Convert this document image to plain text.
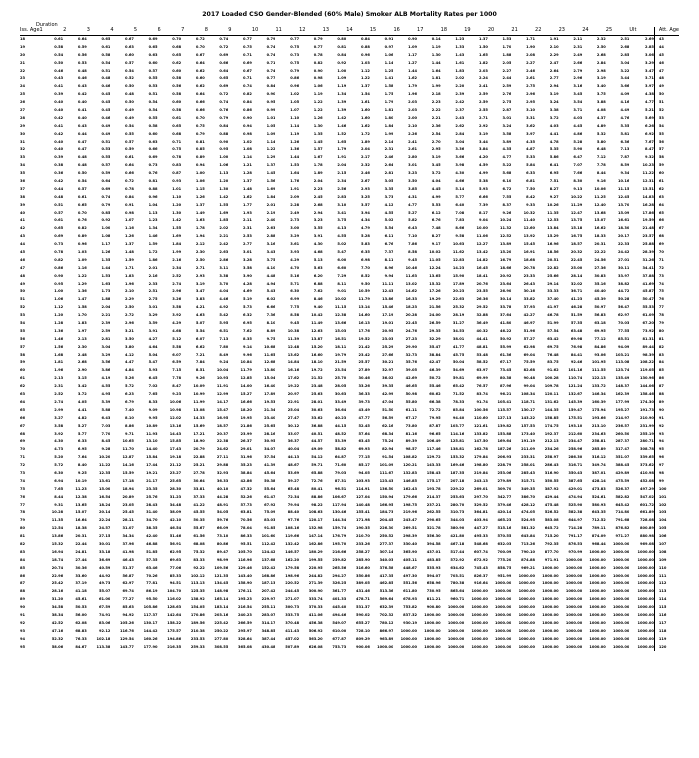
2017 Loaded CSO Gender-Blended (60% Male) Smoker ALB Mortality Rates per 1000
Duration
Iss. Age	1	2	3	4	5	6	7	8	9	10	11	12	13	14	15	16	17	18	19	20	21	22	23	24	25	Ult	Att. Age
18	0.61	0.64	0.65	0.67	0.69	0.70	0.72	0.74	0.77	0.79	0.77	0.79	0.80	0.84	0.91	0.90	0.14	1.23	1.37	1.53	1.71	1.91	2.11	2.32	2.51	2.69	43
19	0.58	0.59	0.61	0.63	0.65	0.68	0.70	0.72	0.75	0.74	0.75	0.77	0.81	0.88	0.97	1.09	1.19	1.33	1.50	1.70	1.90	2.10	2.31	2.50	2.68	2.85	44
20	0.54	0.56	0.58	0.60	0.63	0.65	0.67	0.69	0.71	0.74	0.73	0.78	0.84	0.96	1.06	1.17	1.30	1.43	1.65	1.88	2.08	2.29	2.49	2.68	2.85	3.06	45
21	0.50	0.53	0.54	0.57	0.60	0.62	0.64	0.66	0.69	0.71	0.75	0.82	0.92	1.03	1.14	1.27	1.44	1.61	1.82	2.05	2.27	2.47	2.66	2.84	3.04	3.29	46
22	0.46	0.48	0.51	0.54	0.57	0.60	0.62	0.64	0.67	0.74	0.79	0.90	1.00	1.12	1.25	1.44	1.64	1.83	2.03	2.27	2.46	2.64	2.79	2.98	3.22	3.47	47
23	0.43	0.46	0.48	0.52	0.55	0.58	0.60	0.65	0.71	0.77	0.86	0.98	1.09	1.22	1.41	1.62	1.81	2.02	2.24	2.44	2.61	2.77	2.96	3.19	3.44	3.71	48
24	0.41	0.43	0.46	0.50	0.53	0.56	0.62	0.69	0.74	0.84	0.96	1.06	1.19	1.37	1.58	1.79	1.99	2.20	2.41	2.59	2.75	2.94	3.16	3.40	3.66	3.97	49
25	0.39	0.42	0.45	0.48	0.51	0.58	0.64	0.72	0.82	0.90	1.02	1.19	1.34	1.54	1.75	1.96	2.18	2.39	2.59	2.76	2.96	3.19	3.45	3.75	4.09	4.38	50
26	0.40	0.40	0.45	0.50	0.54	0.60	0.66	0.74	0.84	0.95	1.05	1.22	1.39	1.61	1.79	2.03	2.23	2.42	2.59	2.75	2.95	3.24	3.54	3.88	4.16	4.77	51
27	0.40	0.41	0.45	0.49	0.54	0.58	0.66	0.76	0.86	0.99	1.07	1.22	1.39	1.60	1.81	2.03	2.22	2.37	2.55	2.87	3.10	3.38	3.71	4.08	4.49	5.21	52
28	0.42	0.40	0.46	0.49	0.55	0.61	0.70	0.79	0.90	1.01	1.10	1.26	1.42	1.60	1.80	2.00	2.21	2.43	2.71	3.01	3.31	3.72	4.03	4.37	4.76	5.69	53
29	0.41	0.43	0.49	0.54	0.58	0.65	0.75	0.84	0.94	1.05	1.14	1.30	1.46	1.62	1.84	2.10	2.36	2.62	2.92	3.24	3.62	4.03	4.45	4.89	5.35	6.26	54
30	0.42	0.44	0.49	0.55	0.60	0.68	0.79	0.88	0.98	1.09	1.19	1.35	1.52	1.72	1.99	2.26	2.54	2.84	3.19	3.58	3.97	4.41	4.86	5.32	5.81	6.92	55
31	0.40	0.47	0.51	0.57	0.63	0.71	0.81	0.90	1.02	1.14	1.26	1.45	1.65	1.89	2.14	2.41	2.70	3.04	3.44	3.89	4.35	4.78	5.28	5.80	6.36	7.67	56
32	0.40	0.47	0.53	0.59	0.66	0.75	0.85	0.95	1.08	1.22	1.36	1.57	1.79	2.04	2.31	2.61	2.95	3.36	3.84	4.35	4.87	5.35	5.90	6.48	7.13	8.47	57
33	0.39	0.48	0.55	0.61	0.69	0.78	0.89	1.00	1.14	1.29	1.44	1.67	1.91	2.17	2.46	2.80	3.19	3.66	4.20	4.77	5.33	5.86	6.47	7.12	7.87	9.32	58
34	0.38	0.48	0.57	0.64	0.73	0.83	0.94	1.06	1.21	1.37	1.53	1.78	2.04	2.32	2.64	3.01	3.45	3.98	4.59	5.22	5.84	6.41	7.07	7.78	8.59	10.23	59
35	0.36	0.50	0.59	0.66	0.76	0.87	1.00	1.13	1.28	1.45	1.64	1.89	2.15	2.46	2.81	3.23	3.72	4.30	4.99	5.68	6.33	6.95	7.66	8.44	9.34	11.22	60
36	0.42	0.54	0.64	0.72	0.81	0.93	1.06	1.20	1.37	1.56	1.76	2.04	2.34	2.67	3.05	3.50	4.04	4.66	5.38	6.10	6.81	7.51	8.30	9.16	10.16	12.31	61
37	0.44	0.57	0.69	0.78	0.88	1.01	1.15	1.30	1.48	1.69	1.91	2.23	2.56	2.93	3.35	3.85	4.45	5.14	5.93	6.72	7.50	8.27	9.13	10.06	11.15	13.51	62
38	0.48	0.61	0.74	0.84	0.96	1.10	1.26	1.42	1.62	1.84	2.09	2.45	2.83	3.25	3.73	4.31	4.99	5.77	6.66	7.55	8.42	9.27	10.22	11.25	12.45	14.83	63
39	0.51	0.65	0.79	0.91	1.04	1.20	1.37	1.55	1.77	2.01	2.28	2.68	3.10	3.57	4.12	4.77	5.53	6.40	7.39	8.37	9.33	10.26	11.29	12.40	13.70	16.28	64
40	0.57	0.70	0.85	0.98	1.13	1.30	1.49	1.69	1.93	2.19	2.49	2.94	3.41	3.94	4.55	5.27	6.12	7.08	8.17	9.26	10.32	11.35	12.47	13.68	15.09	17.86	65
41	0.61	0.76	0.92	1.07	1.23	1.42	1.63	1.85	2.11	2.40	2.73	3.23	3.75	4.34	5.02	5.82	6.76	7.83	9.04	10.24	11.40	12.53	13.75	15.07	16.61	19.59	66
42	0.65	0.82	1.00	1.16	1.34	1.55	1.78	2.02	2.31	2.63	3.00	3.55	4.13	4.79	5.54	6.43	7.48	8.66	10.00	11.32	12.60	13.84	15.18	16.62	18.30	21.48	67
43	0.69	0.89	1.08	1.26	1.46	1.69	1.94	2.21	2.53	2.88	3.29	3.91	4.55	5.28	6.11	7.10	8.27	9.58	11.06	12.52	13.92	15.29	16.75	18.33	20.17	23.57	68
44	0.73	0.96	1.17	1.37	1.59	1.84	2.12	2.42	2.77	3.16	3.61	4.30	5.02	5.83	6.76	7.86	9.17	10.63	12.27	13.89	15.45	16.96	18.57	20.31	22.33	25.88	69
45	0.78	1.03	1.26	1.48	1.72	1.99	2.30	2.63	3.01	3.43	3.93	4.68	5.47	6.35	7.37	8.58	10.02	11.62	13.42	15.20	16.91	18.56	20.32	22.22	24.42	28.39	70
46	0.82	1.09	1.35	1.59	1.86	2.16	2.50	2.86	3.28	3.75	4.29	5.13	6.00	6.98	8.11	9.45	11.05	12.83	14.82	16.79	18.68	20.51	22.45	24.56	27.01	31.26	71
47	0.86	1.16	1.44	1.71	2.01	2.34	2.71	3.11	3.58	4.10	4.70	5.63	6.60	7.70	8.96	10.46	12.24	14.23	16.45	18.66	20.78	22.82	25.00	27.36	30.11	34.41	72
48	0.90	1.22	1.53	1.83	2.16	2.52	2.93	3.38	3.90	4.48	5.16	6.20	7.29	8.52	9.94	11.63	13.65	15.90	18.41	20.92	23.33	25.66	28.14	30.83	33.97	37.88	73
49	0.95	1.29	1.63	1.96	2.33	2.74	3.19	3.70	4.28	4.94	5.71	6.88	8.11	9.50	11.11	13.02	15.32	17.89	20.76	23.64	26.43	29.14	32.02	35.16	38.82	41.69	74
50	1.00	1.36	1.73	2.10	2.51	2.96	3.47	4.04	4.69	5.43	6.30	7.62	9.01	10.59	12.43	14.62	17.26	20.23	23.55	26.90	30.16	33.33	36.71	40.40	44.72	45.87	75
51	1.06	1.47	1.88	2.29	2.75	3.26	3.83	4.46	5.19	6.02	6.99	8.46	10.02	11.79	13.86	16.33	19.29	22.63	26.36	30.14	33.82	37.40	41.23	45.39	50.28	50.47	76
52	1.12	1.58	2.04	2.50	3.01	3.58	4.21	4.92	5.73	6.66	7.75	9.40	11.15	13.14	15.46	18.23	21.56	25.32	29.52	33.78	37.93	41.97	46.28	50.97	56.47	55.53	77
53	1.20	1.70	2.21	2.72	3.29	3.92	4.63	5.42	6.32	7.36	8.58	10.42	12.38	14.60	17.19	20.28	24.00	28.19	32.88	37.64	42.27	46.78	51.59	56.83	62.97	61.09	78
54	1.28	1.83	2.39	2.96	3.59	4.29	5.07	5.95	6.95	8.10	9.45	11.49	13.66	16.13	19.01	22.45	26.59	31.27	36.49	41.80	46.97	51.99	57.35	63.18	70.03	67.20	79
55	1.36	1.97	2.59	3.21	3.91	4.68	5.54	6.51	7.62	8.89	10.38	12.63	15.03	17.76	20.95	24.76	29.35	34.53	40.32	46.22	51.96	57.54	63.48	69.95	77.55	73.92	80
56	1.46	2.13	2.81	3.50	4.27	5.12	6.07	7.13	8.35	9.75	11.39	13.87	16.51	19.52	23.03	27.23	32.29	38.01	44.41	50.92	57.27	63.42	69.98	77.12	85.51	81.31	81
57	1.56	2.30	3.04	3.80	4.64	5.58	6.62	7.80	9.14	10.68	12.48	15.20	18.11	21.42	25.29	29.90	35.47	41.77	48.81	55.99	62.98	69.75	76.98	84.86	94.09	89.44	82
58	1.68	2.48	3.29	4.12	5.04	6.07	7.21	8.49	9.96	11.65	13.62	16.60	19.79	23.42	27.66	32.73	38.84	45.75	53.48	61.36	69.04	76.48	84.41	93.06	103.21	98.39	83
59	1.81	2.68	3.56	4.47	5.47	6.59	7.84	9.24	10.84	12.68	14.84	18.10	21.59	25.57	30.21	35.76	42.47	50.04	58.52	67.17	75.59	83.75	92.46	101.95	113.08	108.22	84
60	1.96	2.90	3.86	4.84	5.93	7.15	8.51	10.04	11.79	13.80	16.16	19.72	23.54	27.89	32.97	39.05	46.39	54.69	63.97	73.45	82.68	91.62	101.16	111.55	123.74	119.05	85
61	2.13	3.15	4.19	5.26	6.45	7.78	9.26	10.93	12.85	15.04	17.62	21.52	25.70	30.46	36.02	42.69	50.72	59.81	69.99	80.38	90.48	100.28	110.74	122.13	135.49	130.96	86
62	2.31	3.42	4.55	5.72	7.02	8.47	10.09	11.91	14.00	16.40	19.22	23.48	28.05	33.26	39.35	46.65	55.46	65.42	76.57	87.96	99.04	109.78	121.24	133.72	148.37	144.06	87
63	2.52	3.72	4.95	6.23	7.65	9.23	10.99	12.99	15.27	17.89	20.97	25.63	30.63	36.33	42.99	50.98	60.62	71.52	83.74	96.21	108.34	120.11	132.67	146.34	162.39	158.46	88
64	2.74	4.05	5.39	6.79	8.33	10.06	11.99	14.17	16.66	19.53	22.91	28.01	33.49	39.73	47.04	55.80	66.38	78.33	91.74	105.41	118.71	131.62	145.39	160.39	177.99	174.30	89
65	2.99	4.41	5.88	7.40	9.09	10.98	13.08	15.47	18.20	21.34	25.04	30.63	36.64	43.49	51.50	61.11	72.72	85.84	100.56	115.57	130.17	144.35	159.47	175.94	195.27	191.73	90
66	3.27	4.82	6.43	8.10	9.95	12.02	14.33	16.95	19.95	23.40	27.47	33.62	40.23	47.77	56.59	67.17	79.95	94.40	110.60	127.13	143.22	158.85	175.51	193.66	214.97	210.90	91
67	3.58	5.27	7.03	8.86	10.89	13.16	15.69	18.57	21.86	25.65	30.12	36.88	44.15	52.45	62.16	73.80	87.87	103.77	121.61	139.82	157.53	174.75	193.10	213.10	236.57	231.99	92
68	3.92	5.77	7.70	9.71	11.93	14.43	17.21	20.37	23.99	28.16	33.07	40.51	48.52	57.64	68.34	81.16	96.65	114.16	133.82	153.88	173.40	192.37	212.60	234.63	260.50	255.19	93
69	4.30	6.33	8.45	10.65	13.10	15.85	18.90	22.38	26.37	30.95	36.37	44.57	53.39	63.45	75.24	89.39	106.49	125.81	147.50	169.64	191.19	212.13	234.47	258.81	287.37	280.71	94
70	4.73	6.95	9.28	11.70	14.40	17.43	20.79	24.62	29.01	34.07	40.04	49.09	58.82	69.93	82.94	98.57	117.46	138.81	162.78	187.26	211.09	234.26	258.96	285.89	317.47	308.78	95
71	5.20	7.64	10.20	12.87	15.84	19.18	22.88	27.11	31.96	37.54	44.13	54.12	64.87	77.15	91.54	108.82	129.72	153.32	179.84	206.93	233.31	258.97	286.30	316.12	351.07	339.65	96
72	5.72	8.40	11.22	14.16	17.44	21.12	25.21	29.88	35.23	41.39	48.67	59.71	71.60	85.17	101.09	120.21	143.33	169.46	198.80	228.79	258.01	286.43	316.71	349.74	388.45	373.62	97
73	6.30	9.25	12.35	15.59	19.21	23.27	27.78	32.93	38.84	45.64	53.69	65.88	79.03	94.05	111.67	132.83	158.43	187.35	219.84	253.06	285.43	316.90	350.43	387.01	429.89	410.98	98
74	6.94	10.19	13.61	17.18	21.17	25.65	30.64	36.33	42.86	50.38	59.27	72.76	87.31	103.93	123.43	146.85	175.17	207.18	243.13	279.89	315.71	350.55	387.65	428.14	475.59	452.08	99
75	7.65	11.23	15.00	18.94	23.35	28.30	33.81	40.10	47.32	55.64	65.48	80.41	96.51	114.91	136.50	162.43	193.78	229.22	269.01	309.70	349.35	387.92	429.01	473.83	526.37	497.29	100
76	8.44	12.38	16.54	20.89	25.76	31.23	37.33	44.28	52.26	61.47	72.34	88.86	106.67	127.04	150.94	179.66	214.37	253.63	297.70	342.77	386.70	429.44	474.94	524.61	582.82	547.02	101
77	9.31	13.65	18.24	23.05	28.43	34.48	41.22	48.91	57.73	67.92	79.94	98.22	117.94	140.48	166.95	198.75	237.21	280.70	329.52	379.46	428.12	475.48	525.90	580.93	645.42	601.72	102
78	10.28	15.07	20.14	25.45	31.40	38.09	45.55	54.05	63.81	75.09	88.40	108.63	130.46	155.41	184.73	219.96	262.55	310.73	364.81	420.14	474.05	526.52	582.38	643.35	714.80	661.89	103
79	11.35	16.64	22.24	28.11	34.70	42.10	50.35	59.76	70.56	83.03	97.76	120.17	144.34	171.98	204.45	243.47	290.65	344.03	403.94	465.23	524.95	583.08	644.97	712.52	791.68	728.08	104
80	12.54	18.38	24.57	31.07	38.35	46.54	55.67	66.09	78.04	91.85	108.16	132.98	159.74	190.35	226.30	269.51	321.78	380.90	447.27	515.16	581.32	645.72	714.28	789.11	876.82	800.89	105
81	13.86	20.31	27.15	34.34	42.40	51.46	61.56	73.10	86.33	101.60	119.66	147.14	176.79	210.70	250.52	298.39	356.30	421.80	495.33	570.55	643.84	715.20	791.17	874.09	971.27	880.98	106
82	15.32	22.44	30.01	37.96	46.88	56.91	68.08	80.86	95.51	112.42	132.42	162.86	195.70	233.26	277.37	330.40	394.58	467.18	548.68	632.03	713.26	792.35	876.53	968.44	1000.00	969.08	107
83	16.94	24.81	33.18	41.98	51.85	62.95	75.32	89.47	105.70	124.42	146.57	180.29	216.66	258.27	307.14	365.90	437.01	517.44	607.74	700.09	790.10	877.70	970.99	1000.00	1000.00	1000.00	108
84	18.74	27.44	36.69	46.43	57.35	69.63	83.33	98.99	116.96	137.68	162.20	199.55	239.82	285.90	340.03	405.11	483.85	572.92	672.92	775.20	874.88	971.91	1000.00	1000.00	1000.00	1000.00	109
85	20.74	30.36	40.59	51.37	63.46	77.06	92.22	109.56	129.46	152.42	179.58	220.95	265.56	316.60	376.58	448.67	535.93	634.62	745.43	858.75	969.21	1000.00	1000.00	1000.00	1000.00	1000.00	110
86	22.96	33.60	44.92	56.87	70.26	85.33	102.12	121.35	143.40	168.86	198.96	244.82	294.27	350.86	417.35	497.30	594.07	703.51	826.37	951.99	1000.00	1000.00	1000.00	1000.00	1000.00	1000.00	111
87	25.42	37.19	49.73	62.97	77.81	94.51	113.13	134.45	158.90	187.13	220.52	271.39	326.25	389.05	462.85	551.56	658.96	780.38	916.64	1000.00	1000.00	1000.00	1000.00	1000.00	1000.00	1000.00	112
88	28.16	41.18	55.07	69.74	86.19	104.70	125.35	148.98	176.11	207.42	244.45	300.90	361.77	431.46	513.36	611.80	730.95	865.64	1000.00	1000.00	1000.00	1000.00	1000.00	1000.00	1000.00	1000.00	113
89	31.20	45.61	61.00	77.27	95.50	116.02	138.92	165.14	195.23	229.97	271.07	333.74	401.33	478.71	569.64	678.93	811.21	960.71	1000.00	1000.00	1000.00	1000.00	1000.00	1000.00	1000.00	1000.00	114
90	34.58	50.53	67.59	85.63	105.86	128.63	154.05	183.14	216.54	255.11	300.73	370.33	445.40	531.37	632.39	753.82	900.80	1000.00	1000.00	1000.00	1000.00	1000.00	1000.00	1000.00	1000.00	1000.00	115
91	38.34	56.00	74.91	94.92	117.37	142.64	170.86	203.16	240.23	283.07	333.75	411.06	494.46	590.02	702.32	837.32	1000.00	1000.00	1000.00	1000.00	1000.00	1000.00	1000.00	1000.00	1000.00	1000.00	116
92	42.52	62.08	83.06	105.26	130.17	158.22	189.56	225.42	266.59	314.17	370.48	456.38	549.07	655.27	780.12	930.19	1000.00	1000.00	1000.00	1000.00	1000.00	1000.00	1000.00	1000.00	1000.00	1000.00	117
93	47.16	68.83	92.12	116.76	144.42	175.57	210.38	250.22	295.97	348.85	411.43	506.92	610.00	728.10	866.97	1000.00	1000.00	1000.00	1000.00	1000.00	1000.00	1000.00	1000.00	1000.00	1000.00	1000.00	118
94	52.32	76.33	102.18	129.54	160.26	194.86	233.53	277.80	328.64	387.44	457.02	563.20	677.87	809.29	963.89	1000.00	1000.00	1000.00	1000.00	1000.00	1000.00	1000.00	1000.00	1000.00	1000.00	1000.00	119
95	58.06	84.67	113.38	143.77	177.90	216.35	259.33	308.55	365.08	430.48	507.89	626.08	753.73	900.06	1000.00	1000.00	1000.00	1000.00	1000.00	1000.00	1000.00	1000.00	1000.00	1000.00	1000.00	1000.00	120
